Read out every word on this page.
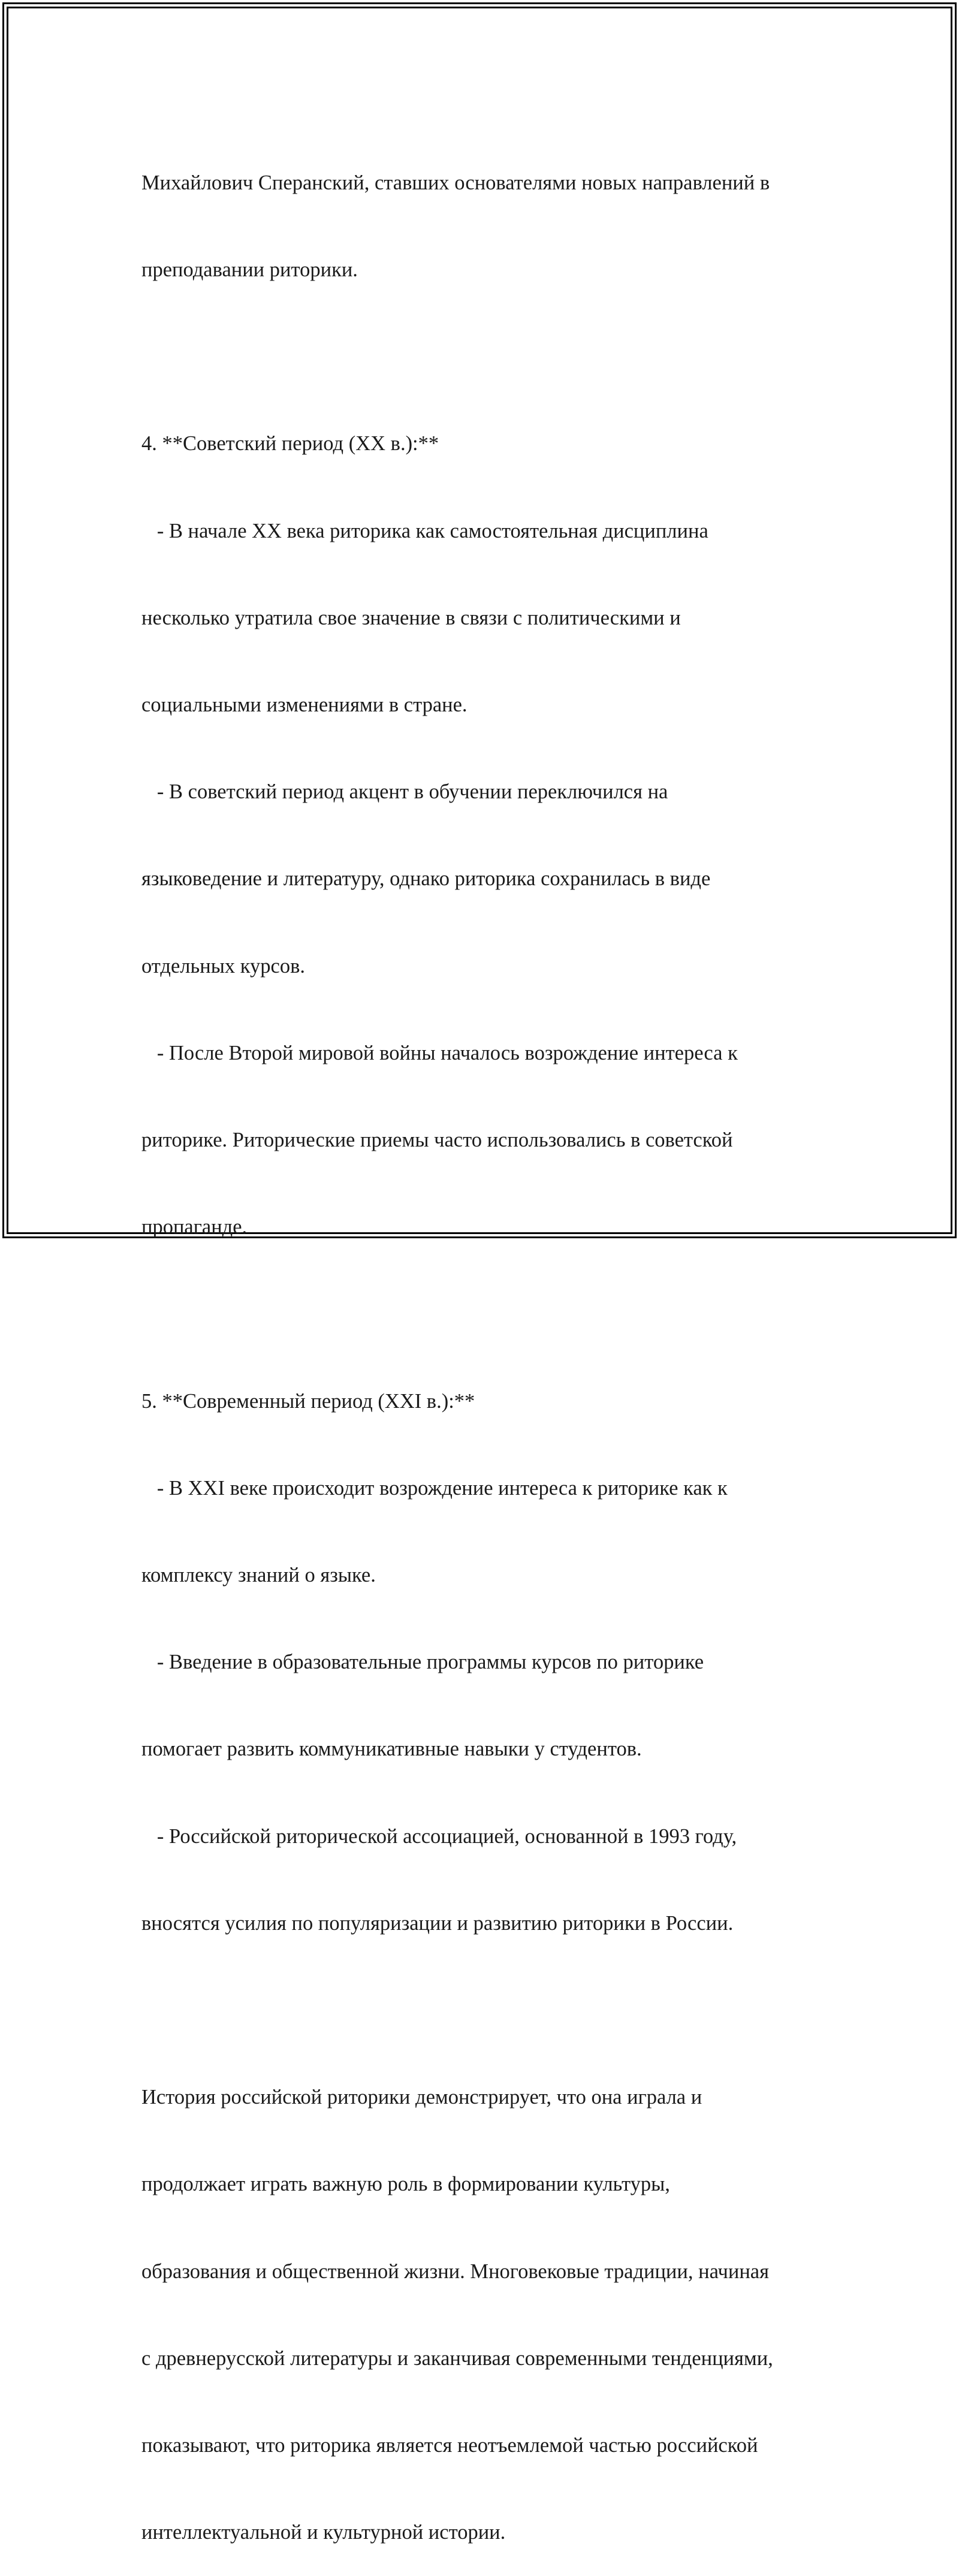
Михайлович Сперанский, ставших основателями новых направлений в

преподавании риторики.

4. **Советский период (XX в.):**

- В начале XX века риторика как самостоятельная дисциплина

несколько утратила свое значение в связи с политическими и

социальными изменениями в стране.

- В советский период акцент в обучении переключился на

языковедение и литературу, однако риторика сохранилась в виде

отдельных курсов.

- После Второй мировой войны началось возрождение интереса к

риторике. Риторические приемы часто использовались в советской

пропаганде.

5. **Современный период (XXI в.):**

- В XXI веке происходит возрождение интереса к риторике как к

комплексу знаний о языке.

- Введение в образовательные программы курсов по риторике

помогает развить коммуникативные навыки у студентов.

- Российской риторической ассоциацией, основанной в 1993 году,

вносятся усилия по популяризации и развитию риторики в России.

История российской риторики демонстрирует, что она играла и

продолжает играть важную роль в формировании культуры,

образования и общественной жизни. Многовековые традиции, начиная

с древнерусской литературы и заканчивая современными тенденциями,

показывают, что риторика является неотъемлемой частью российской

интеллектуальной и культурной истории.
